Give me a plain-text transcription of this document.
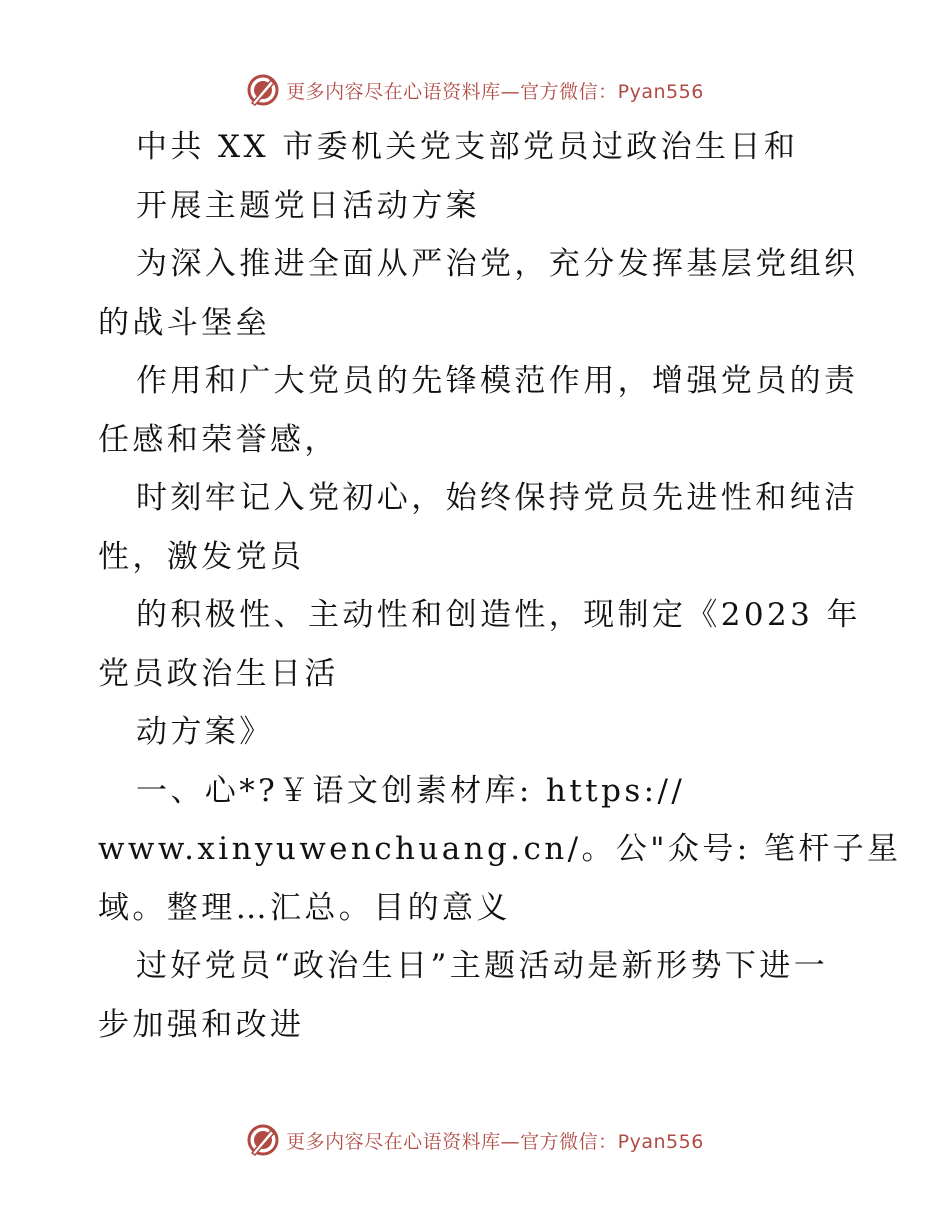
更多内容尽在心语资料库—官方微信：Pyan556
中共 XX 市委机关党支部党员过政治生日和
开展主题党日活动方案
为深入推进全面从严治党，充分发挥基层党组织
的战斗堡垒
作用和广大党员的先锋模范作用，增强党员的责
任感和荣誉感，
时刻牢记入党初心，始终保持党员先进性和纯洁
性，激发党员
的积极性、主动性和创造性，现制定《2023 年
党员政治生日活
动方案》
一、心*?￥语文创素材库: https://
www.xinyuwenchuang.cn/。公"众号: 笔杆子星
域。整理…汇总。目的意义
过好党员“政治生日”主题活动是新形势下进一
步加强和改进
更多内容尽在心语资料库—官方微信：Pyan556
